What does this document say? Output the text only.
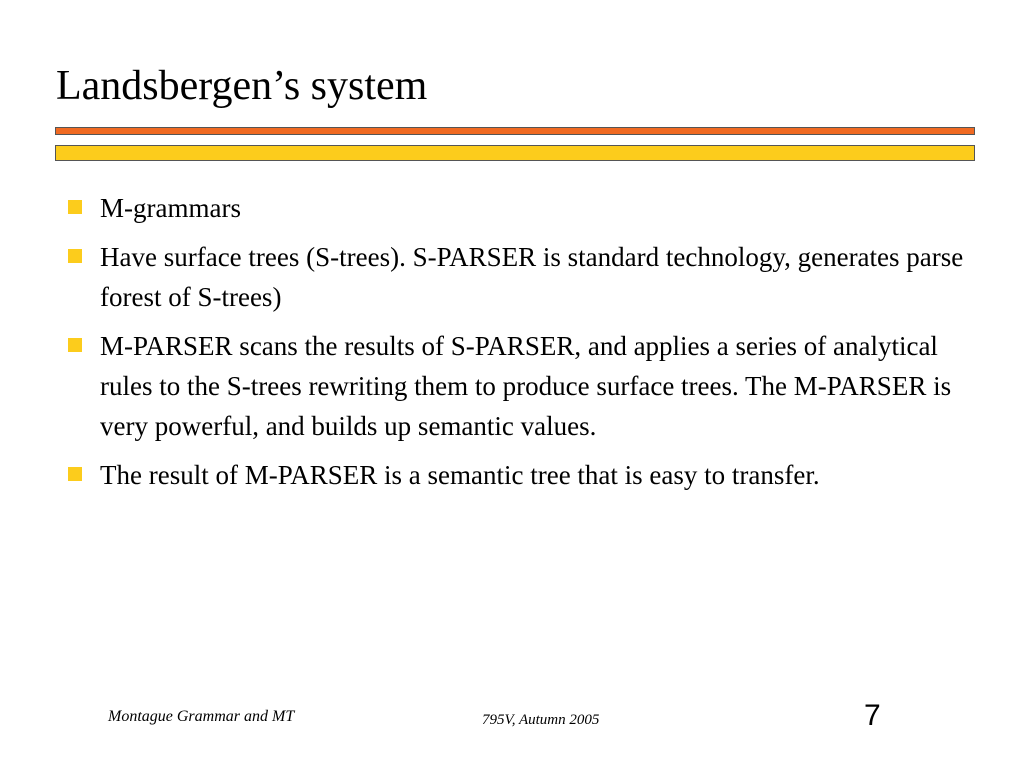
Landsbergen’s system
M-grammars
Have surface trees (S-trees). S-PARSER is standard technology, generates parse forest of S-trees)
M-PARSER scans the results of S-PARSER, and applies a series of analytical rules to the S-trees rewriting them to produce surface trees. The M-PARSER is very powerful, and builds up semantic values.
The result of M-PARSER is a semantic tree that is easy to transfer.
Montague Grammar and MT	795V, Autumn 2005	7
